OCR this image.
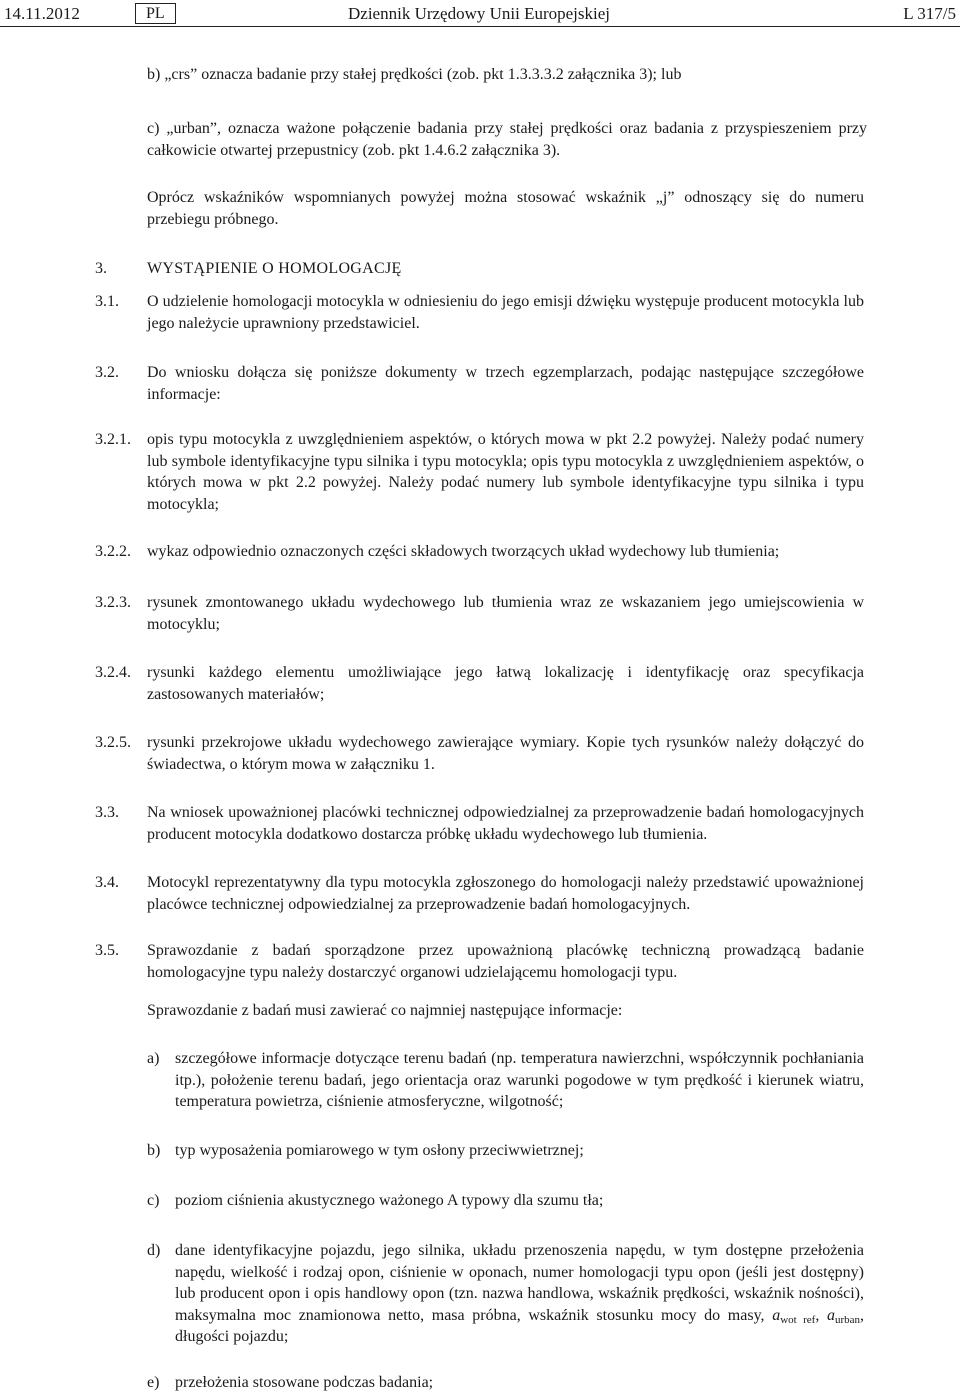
14.11.2012	PL	Dziennik Urzędowy Unii Europejskiej	L 317/5

b) „crs” oznacza badanie przy stałej prędkości (zob. pkt 1.3.3.3.2 załącznika 3); lub

c) „urban”, oznacza ważone połączenie badania przy stałej prędkości oraz badania z przyspieszeniem przy całkowicie otwartej przepustnicy (zob. pkt 1.4.6.2 załącznika 3).

Oprócz wskaźników wspomnianych powyżej można stosować wskaźnik „j” odnoszący się do numeru przebiegu próbnego.

3.	WYSTĄPIENIE O HOMOLOGACJĘ
3.1. O udzielenie homologacji motocykla w odniesieniu do jego emisji dźwięku występuje producent motocykla lub jego należycie uprawniony przedstawiciel.

3.2. Do wniosku dołącza się poniższe dokumenty w trzech egzemplarzach, podając następujące szczegółowe informacje:

3.2.1. opis typu motocykla z uwzględnieniem aspektów, o których mowa w pkt 2.2 powyżej. Należy podać numery lub symbole identyfikacyjne typu silnika i typu motocykla; opis typu motocykla z uwzględnieniem aspektów, o których mowa w pkt 2.2 powyżej. Należy podać numery lub symbole identyfikacyjne typu silnika i typu motocykla;

3.2.2. wykaz odpowiednio oznaczonych części składowych tworzących układ wydechowy lub tłumienia;

3.2.3. rysunek zmontowanego układu wydechowego lub tłumienia wraz ze wskazaniem jego umiejscowienia w motocyklu;

3.2.4. rysunki każdego elementu umożliwiające jego łatwą lokalizację i identyfikację oraz specyfikacja zastosowanych materiałów;

3.2.5. rysunki przekrojowe układu wydechowego zawierające wymiary. Kopie tych rysunków należy dołączyć do świadectwa, o którym mowa w załączniku 1.

3.3. Na wniosek upoważnionej placówki technicznej odpowiedzialnej za przeprowadzenie badań homologacyjnych producent motocykla dodatkowo dostarcza próbkę układu wydechowego lub tłumienia.

3.4. Motocykl reprezentatywny dla typu motocykla zgłoszonego do homologacji należy przedstawić upoważnionej placówce technicznej odpowiedzialnej za przeprowadzenie badań homologacyjnych.

3.5. Sprawozdanie z badań sporządzone przez upoważnioną placówkę techniczną prowadzącą badanie homologacyjne typu należy dostarczyć organowi udzielającemu homologacji typu.

Sprawozdanie z badań musi zawierać co najmniej następujące informacje:

a) szczegółowe informacje dotyczące terenu badań (np. temperatura nawierzchni, współczynnik pochłaniania itp.), położenie terenu badań, jego orientacja oraz warunki pogodowe w tym prędkość i kierunek wiatru, temperatura powietrza, ciśnienie atmosferyczne, wilgotność;

b) typ wyposażenia pomiarowego w tym osłony przeciwwietrznej;

c) poziom ciśnienia akustycznego ważonego A typowy dla szumu tła;

d) dane identyfikacyjne pojazdu, jego silnika, układu przenoszenia napędu, w tym dostępne przełożenia napędu, wielkość i rodzaj opon, ciśnienie w oponach, numer homologacji typu opon (jeśli jest dostępny) lub producent opon i opis handlowy opon (tzn. nazwa handlowa, wskaźnik prędkości, wskaźnik nośności), maksymalna moc znamionowa netto, masa próbna, wskaźnik stosunku mocy do masy, $a_{wot ref}$, $a_{urban}$, długości pojazdu;

e) przełożenia stosowane podczas badania;
